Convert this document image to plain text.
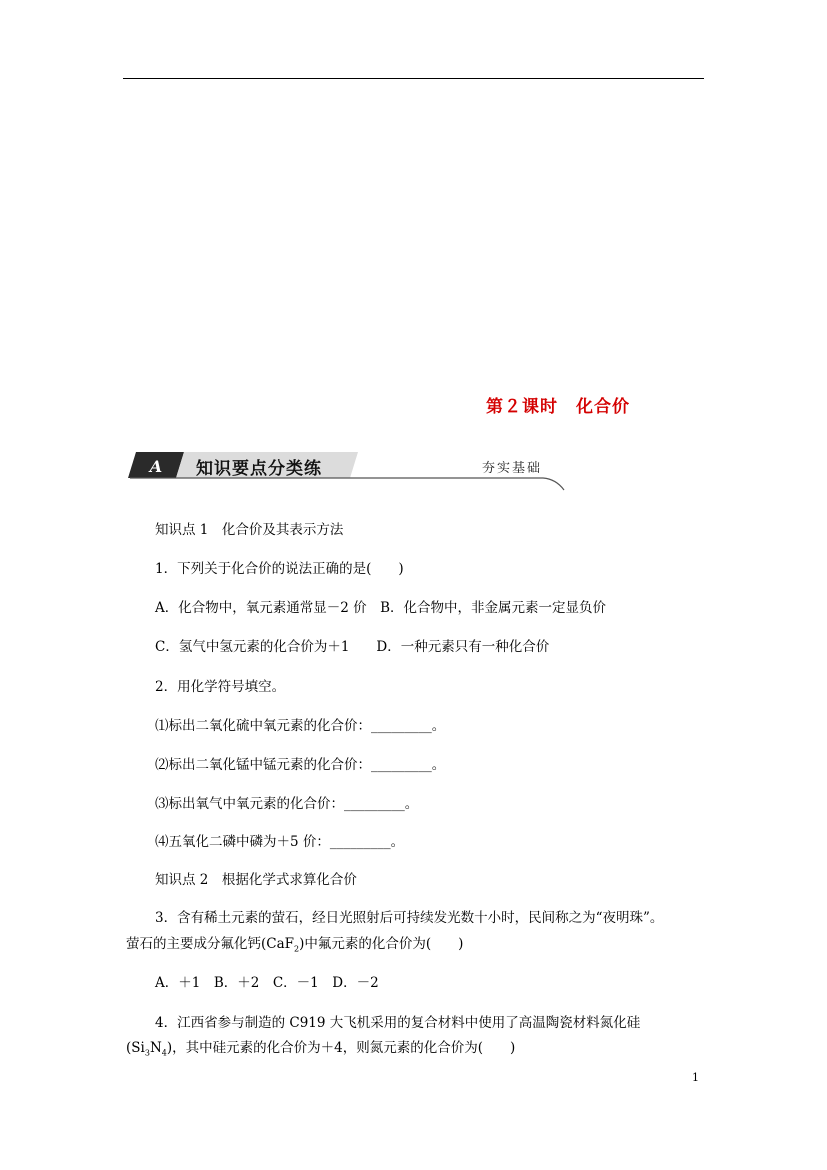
第２课时　化合价
A 知识要点分类练	夯实基础
知识点 1　化合价及其表示方法
1．下列关于化合价的说法正确的是(　　)
A．化合物中，氧元素通常显－2 价　B．化合物中，非金属元素一定显负价
C．氢气中氢元素的化合价为＋1　　D．一种元素只有一种化合价
2．用化学符号填空。
⑴标出二氧化硫中氧元素的化合价：_________。
⑵标出二氧化锰中锰元素的化合价：_________。
⑶标出氧气中氧元素的化合价：_________。
⑷五氧化二磷中磷为＋5 价：_________。
知识点 2　根据化学式求算化合价
3．含有稀土元素的萤石，经日光照射后可持续发光数十小时，民间称之为“夜明珠”。
萤石的主要成分氟化钙(CaF$_2$)中氟元素的化合价为(　　)
A．＋1　B．＋2　C．－1　D．－2
4．江西省参与制造的 C919 大飞机采用的复合材料中使用了高温陶瓷材料氮化硅
$(Si_3N_4)$，其中硅元素的化合价为＋4，则氮元素的化合价为(　　)
1
